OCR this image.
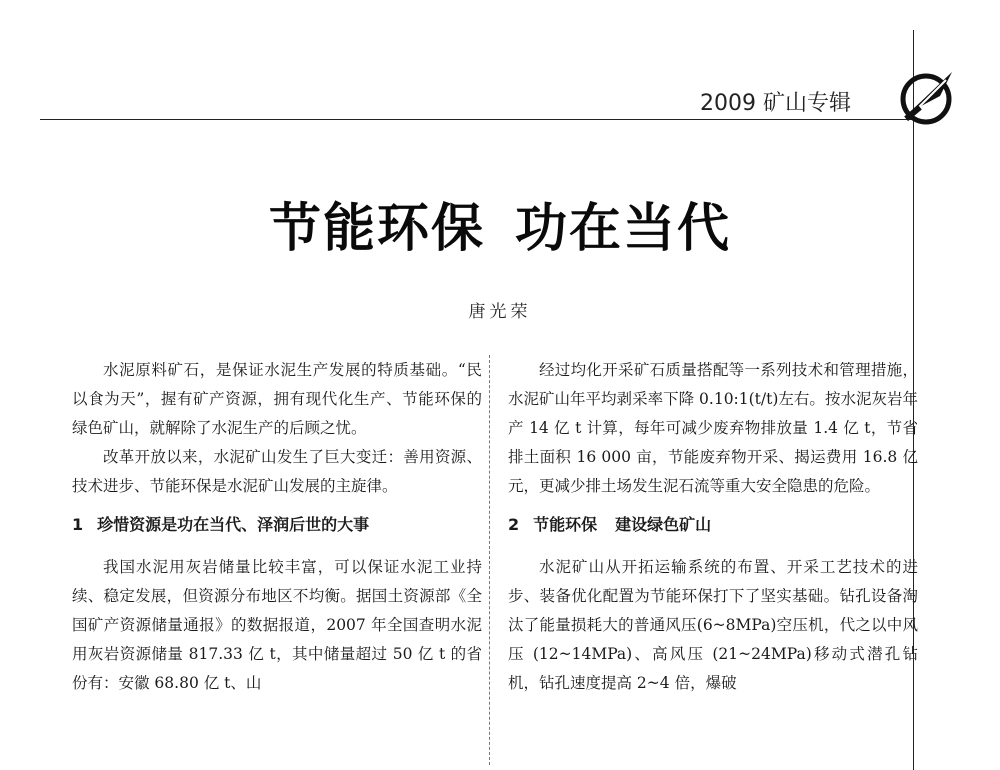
2009 矿山专辑
节能环保 功在当代
唐光荣

水泥原料矿石，是保证水泥生产发展的特质基础。“民以食为天”，握有矿产资源，拥有现代化生产、节能环保的绿色矿山，就解除了水泥生产的后顾之忧。

改革开放以来，水泥矿山发生了巨大变迁：善用资源、技术进步、节能环保是水泥矿山发展的主旋律。

1 珍惜资源是功在当代、泽润后世的大事

我国水泥用灰岩储量比较丰富，可以保证水泥工业持续、稳定发展，但资源分布地区不均衡。据国土资源部《全国矿产资源储量通报》的数据报道，2007 年全国查明水泥用灰岩资源储量 817.33 亿 t，其中储量超过 50 亿 t 的省份有：安徽 68.80 亿 t、山

经过均化开采矿石质量搭配等一系列技术和管理措施，水泥矿山年平均剥采率下降 0.10:1(t/t)左右。按水泥灰岩年产 14 亿 t 计算，每年可减少废弃物排放量 1.4 亿 t，节省排土面积 16 000 亩，节能废弃物开采、揭运费用 16.8 亿元，更减少排土场发生泥石流等重大安全隐患的危险。

2 节能环保 建设绿色矿山

水泥矿山从开拓运输系统的布置、开采工艺技术的进步、装备优化配置为节能环保打下了坚实基础。钻孔设备淘汰了能量损耗大的普通风压(6~8MPa)空压机，代之以中风压 (12~14MPa)、高风压 (21~24MPa)移动式潜孔钻机，钻孔速度提高 2~4 倍，爆破
